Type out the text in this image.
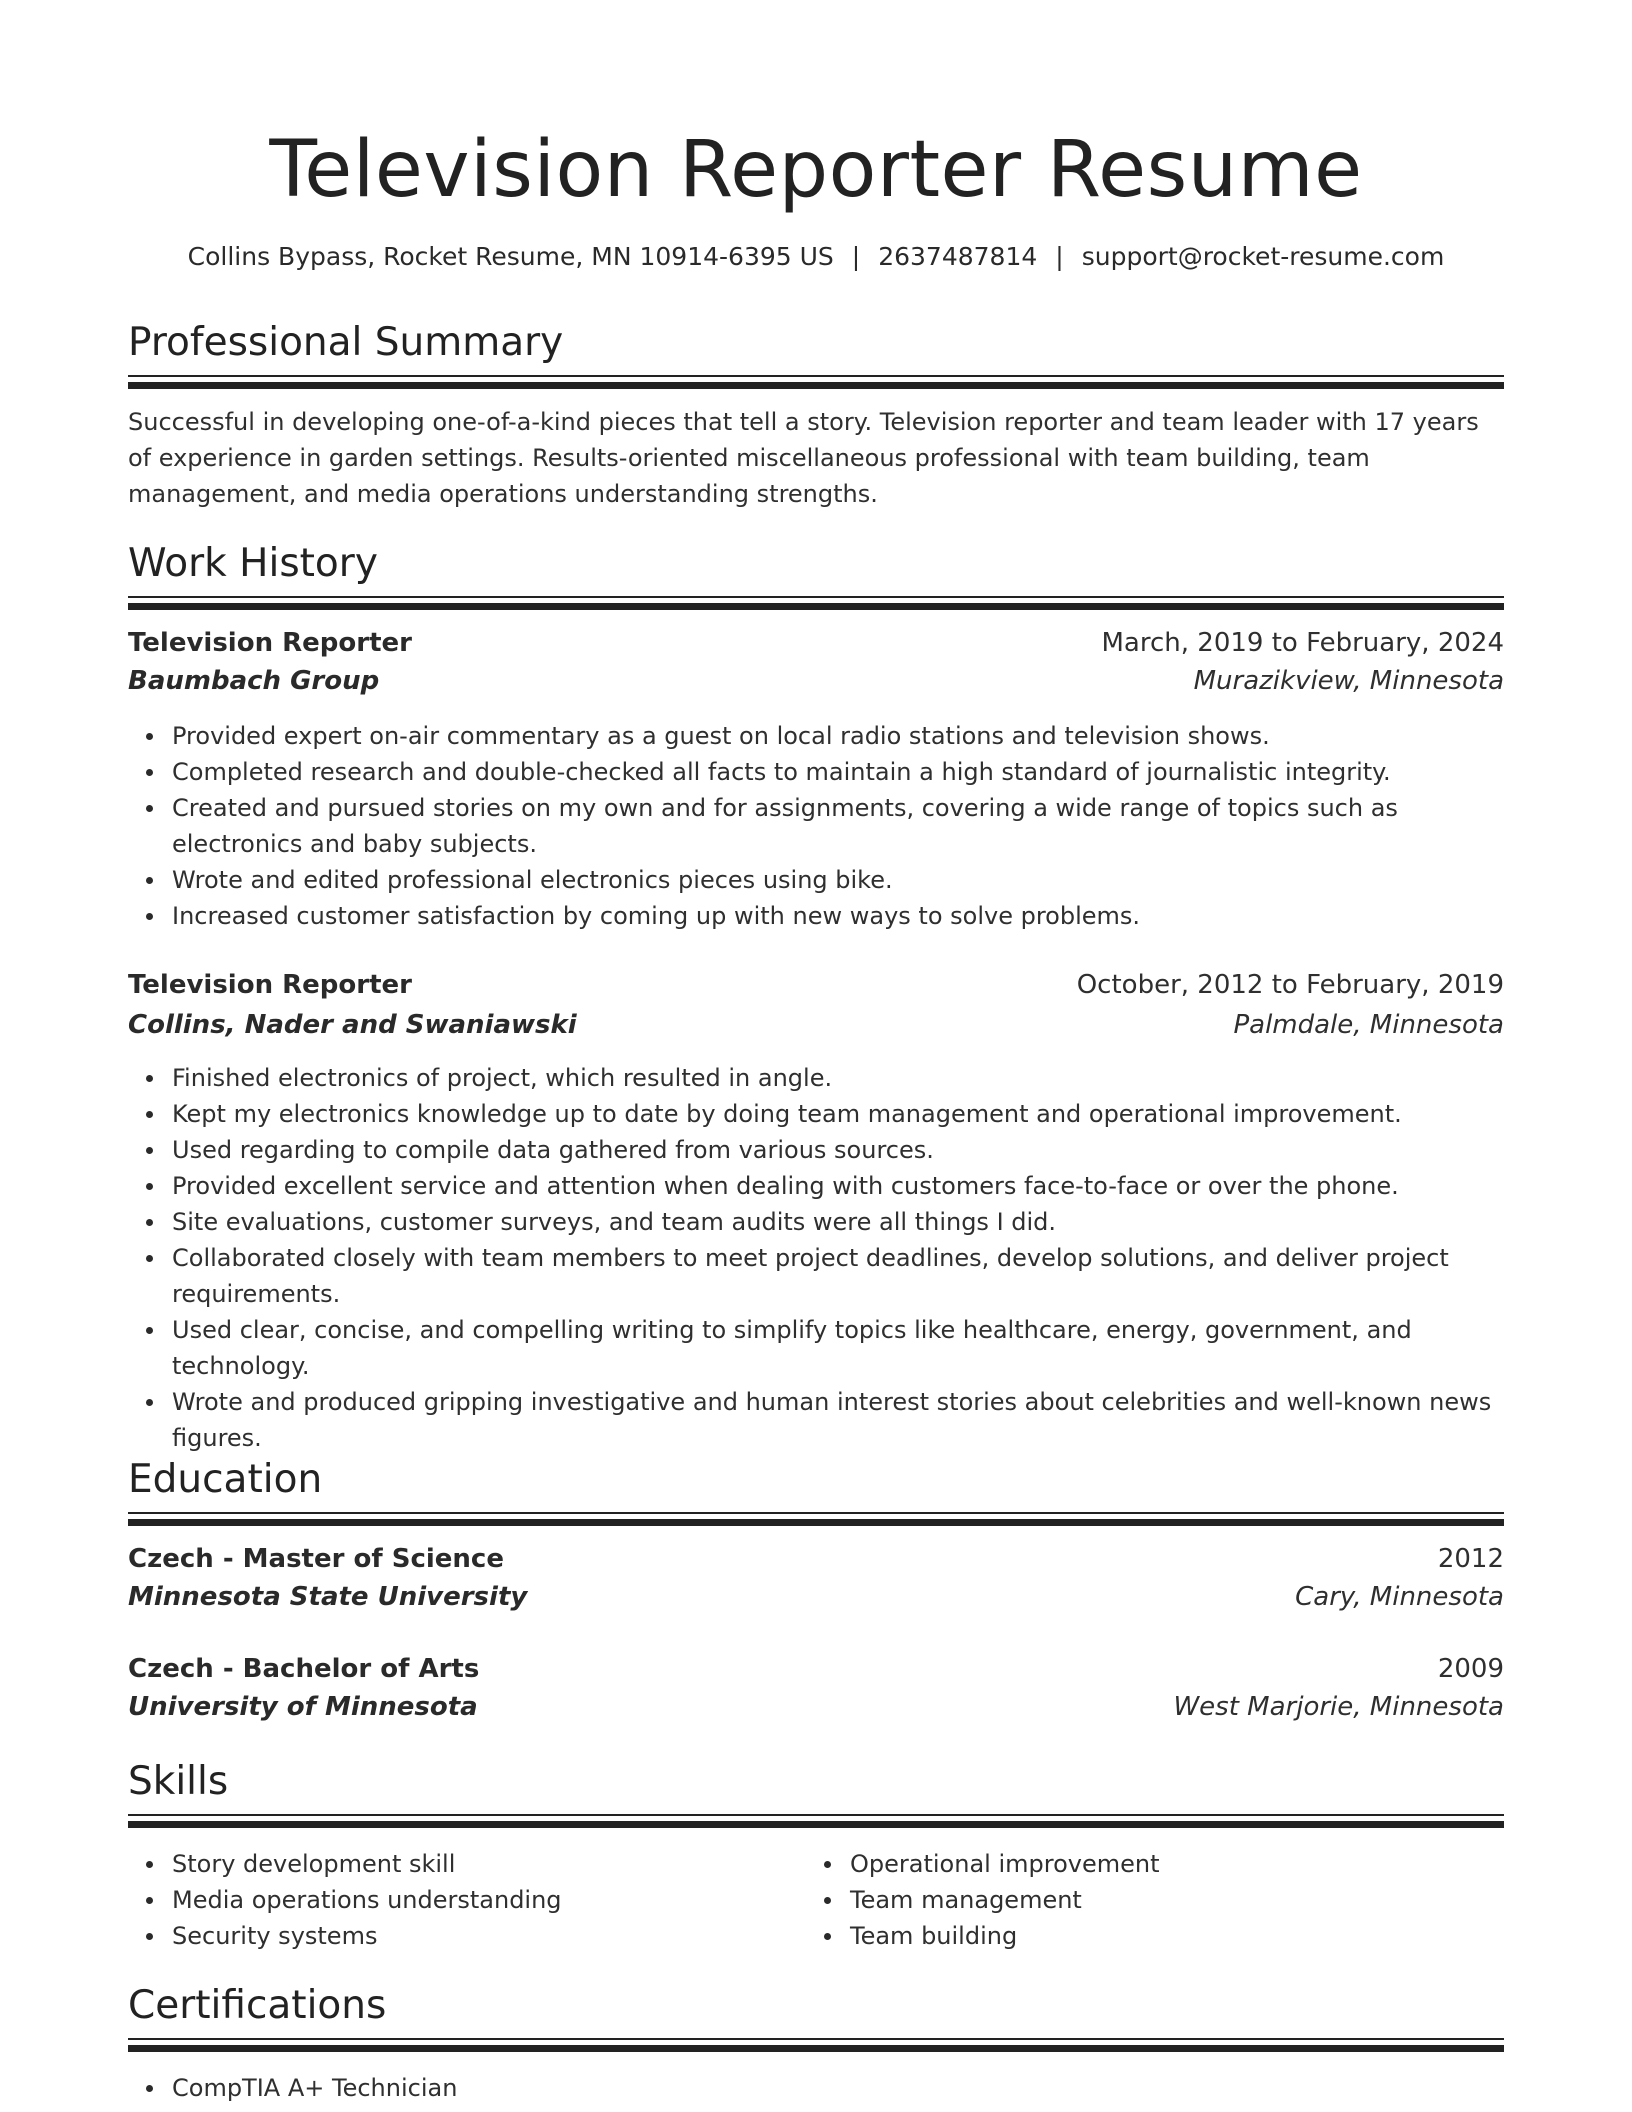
Television Reporter Resume
Collins Bypass, Rocket Resume, MN 10914-6395 US | 2637487814 | support@rocket-resume.com
Professional Summary
Successful in developing one-of-a-kind pieces that tell a story. Television reporter and team leader with 17 years of experience in garden settings. Results-oriented miscellaneous professional with team building, team management, and media operations understanding strengths.
Work History
Television Reporter	March, 2019 to February, 2024
Baumbach Group	Murazikview, Minnesota
Provided expert on-air commentary as a guest on local radio stations and television shows.
Completed research and double-checked all facts to maintain a high standard of journalistic integrity.
Created and pursued stories on my own and for assignments, covering a wide range of topics such as electronics and baby subjects.
Wrote and edited professional electronics pieces using bike.
Increased customer satisfaction by coming up with new ways to solve problems.
Television Reporter	October, 2012 to February, 2019
Collins, Nader and Swaniawski	Palmdale, Minnesota
Finished electronics of project, which resulted in angle.
Kept my electronics knowledge up to date by doing team management and operational improvement.
Used regarding to compile data gathered from various sources.
Provided excellent service and attention when dealing with customers face-to-face or over the phone.
Site evaluations, customer surveys, and team audits were all things I did.
Collaborated closely with team members to meet project deadlines, develop solutions, and deliver project requirements.
Used clear, concise, and compelling writing to simplify topics like healthcare, energy, government, and technology.
Wrote and produced gripping investigative and human interest stories about celebrities and well-known news figures.
Education
Czech - Master of Science	2012
Minnesota State University	Cary, Minnesota
Czech - Bachelor of Arts	2009
University of Minnesota	West Marjorie, Minnesota
Skills
Story development skill
Media operations understanding
Security systems
Operational improvement
Team management
Team building
Certifications
CompTIA A+ Technician
